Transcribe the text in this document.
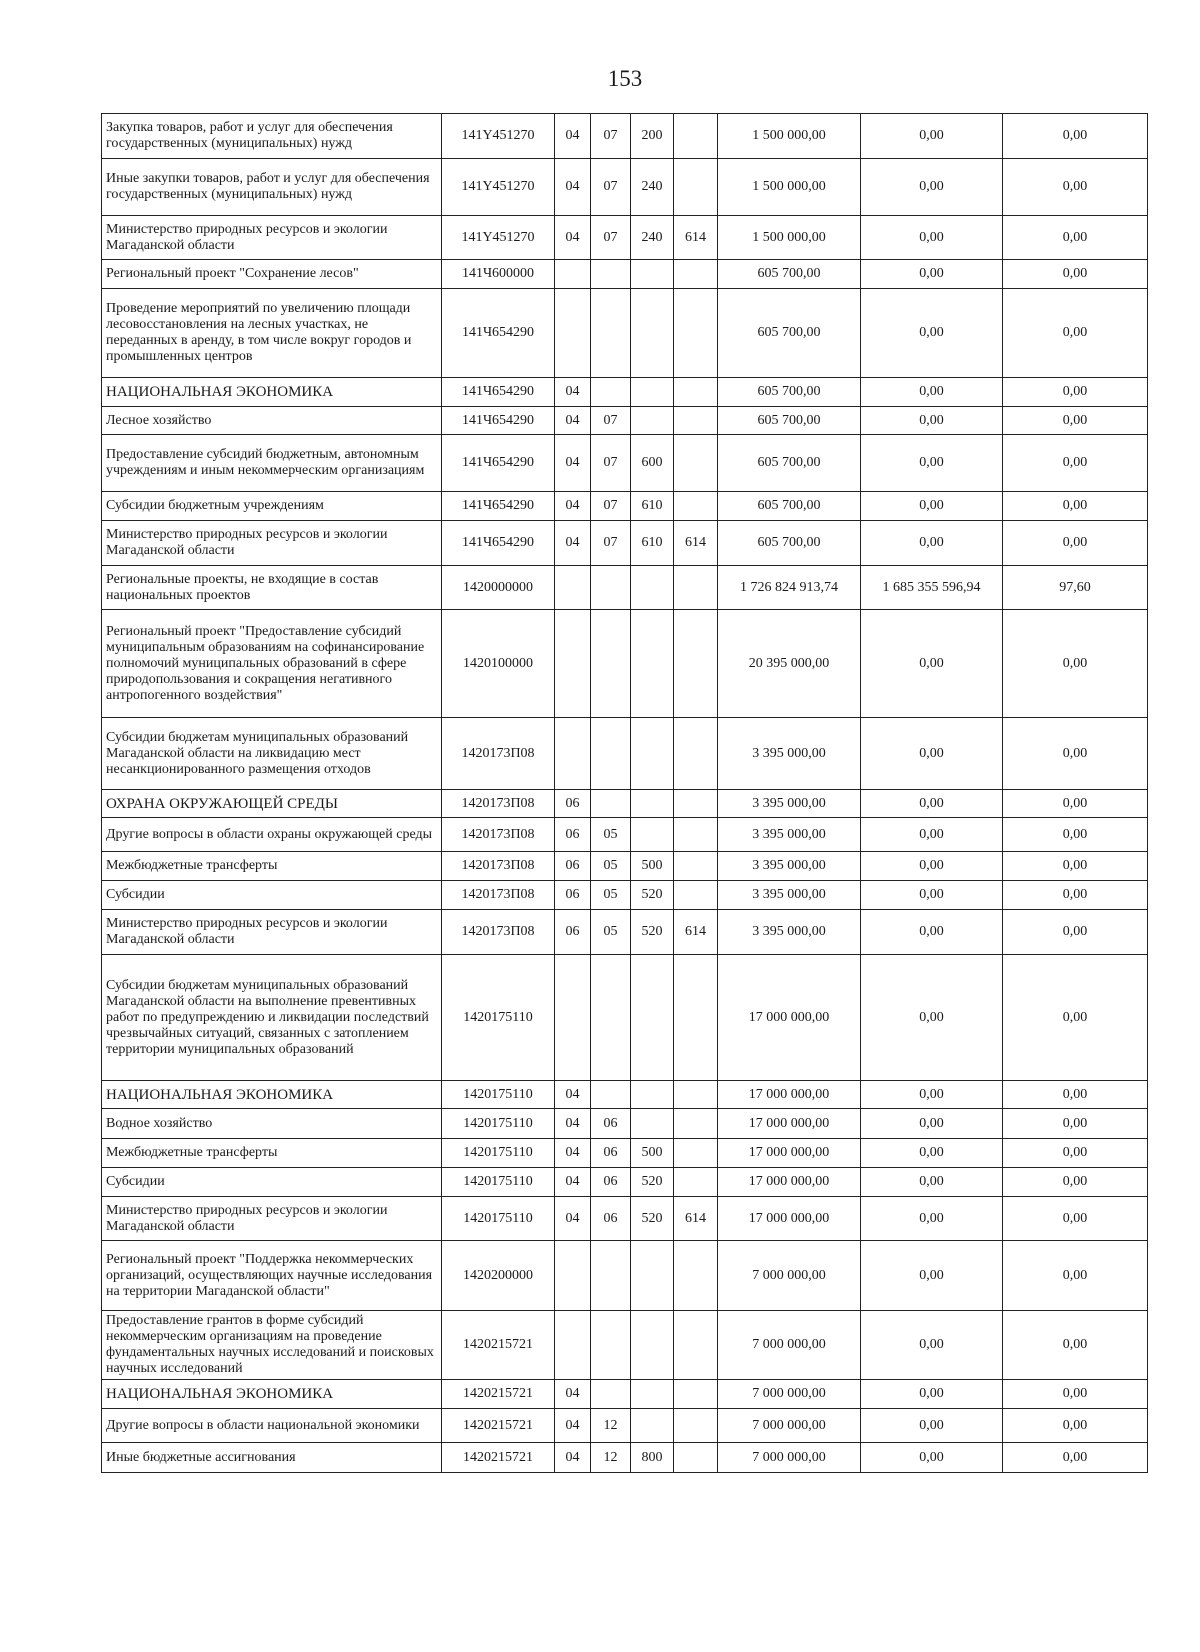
153
Закупка товаров, работ и услуг для обеспечения государственных (муниципальных) нужд	141Y451270	04	07	200		1 500 000,00	0,00	0,00
Иные закупки товаров, работ и услуг для обеспечения государственных (муниципальных) нужд	141Y451270	04	07	240		1 500 000,00	0,00	0,00
Министерство природных ресурсов и экологии Магаданской области	141Y451270	04	07	240	614	1 500 000,00	0,00	0,00
Региональный проект "Сохранение лесов"	141Ч600000					605 700,00	0,00	0,00
Проведение мероприятий по увеличению площади лесовосстановления на лесных участках, не переданных в аренду, в том числе вокруг городов и промышленных центров	141Ч654290					605 700,00	0,00	0,00
НАЦИОНАЛЬНАЯ ЭКОНОМИКА	141Ч654290	04				605 700,00	0,00	0,00
Лесное хозяйство	141Ч654290	04	07			605 700,00	0,00	0,00
Предоставление субсидий бюджетным, автономным учреждениям и иным некоммерческим организациям	141Ч654290	04	07	600		605 700,00	0,00	0,00
Субсидии бюджетным учреждениям	141Ч654290	04	07	610		605 700,00	0,00	0,00
Министерство природных ресурсов и экологии Магаданской области	141Ч654290	04	07	610	614	605 700,00	0,00	0,00
Региональные проекты, не входящие в состав национальных проектов	1420000000					1 726 824 913,74	1 685 355 596,94	97,60
Региональный проект "Предоставление субсидий муниципальным образованиям на софинансирование полномочий муниципальных образований в сфере природопользования и сокращения негативного антропогенного воздействия"	1420100000					20 395 000,00	0,00	0,00
Субсидии бюджетам муниципальных образований Магаданской области на ликвидацию мест несанкционированного размещения отходов	1420173П08					3 395 000,00	0,00	0,00
ОХРАНА ОКРУЖАЮЩЕЙ СРЕДЫ	1420173П08	06				3 395 000,00	0,00	0,00
Другие вопросы в области охраны окружающей среды	1420173П08	06	05			3 395 000,00	0,00	0,00
Межбюджетные трансферты	1420173П08	06	05	500		3 395 000,00	0,00	0,00
Субсидии	1420173П08	06	05	520		3 395 000,00	0,00	0,00
Министерство природных ресурсов и экологии Магаданской области	1420173П08	06	05	520	614	3 395 000,00	0,00	0,00
Субсидии бюджетам муниципальных образований Магаданской области на выполнение превентивных работ по предупреждению и ликвидации последствий чрезвычайных ситуаций, связанных с затоплением территории муниципальных образований	1420175110					17 000 000,00	0,00	0,00
НАЦИОНАЛЬНАЯ ЭКОНОМИКА	1420175110	04				17 000 000,00	0,00	0,00
Водное хозяйство	1420175110	04	06			17 000 000,00	0,00	0,00
Межбюджетные трансферты	1420175110	04	06	500		17 000 000,00	0,00	0,00
Субсидии	1420175110	04	06	520		17 000 000,00	0,00	0,00
Министерство природных ресурсов и экологии Магаданской области	1420175110	04	06	520	614	17 000 000,00	0,00	0,00
Региональный проект "Поддержка некоммерческих организаций, осуществляющих научные исследования на территории Магаданской области"	1420200000					7 000 000,00	0,00	0,00
Предоставление грантов в форме субсидий некоммерческим организациям на проведение фундаментальных научных исследований и поисковых научных исследований	1420215721					7 000 000,00	0,00	0,00
НАЦИОНАЛЬНАЯ ЭКОНОМИКА	1420215721	04				7 000 000,00	0,00	0,00
Другие вопросы в области национальной экономики	1420215721	04	12			7 000 000,00	0,00	0,00
Иные бюджетные ассигнования	1420215721	04	12	800		7 000 000,00	0,00	0,00
